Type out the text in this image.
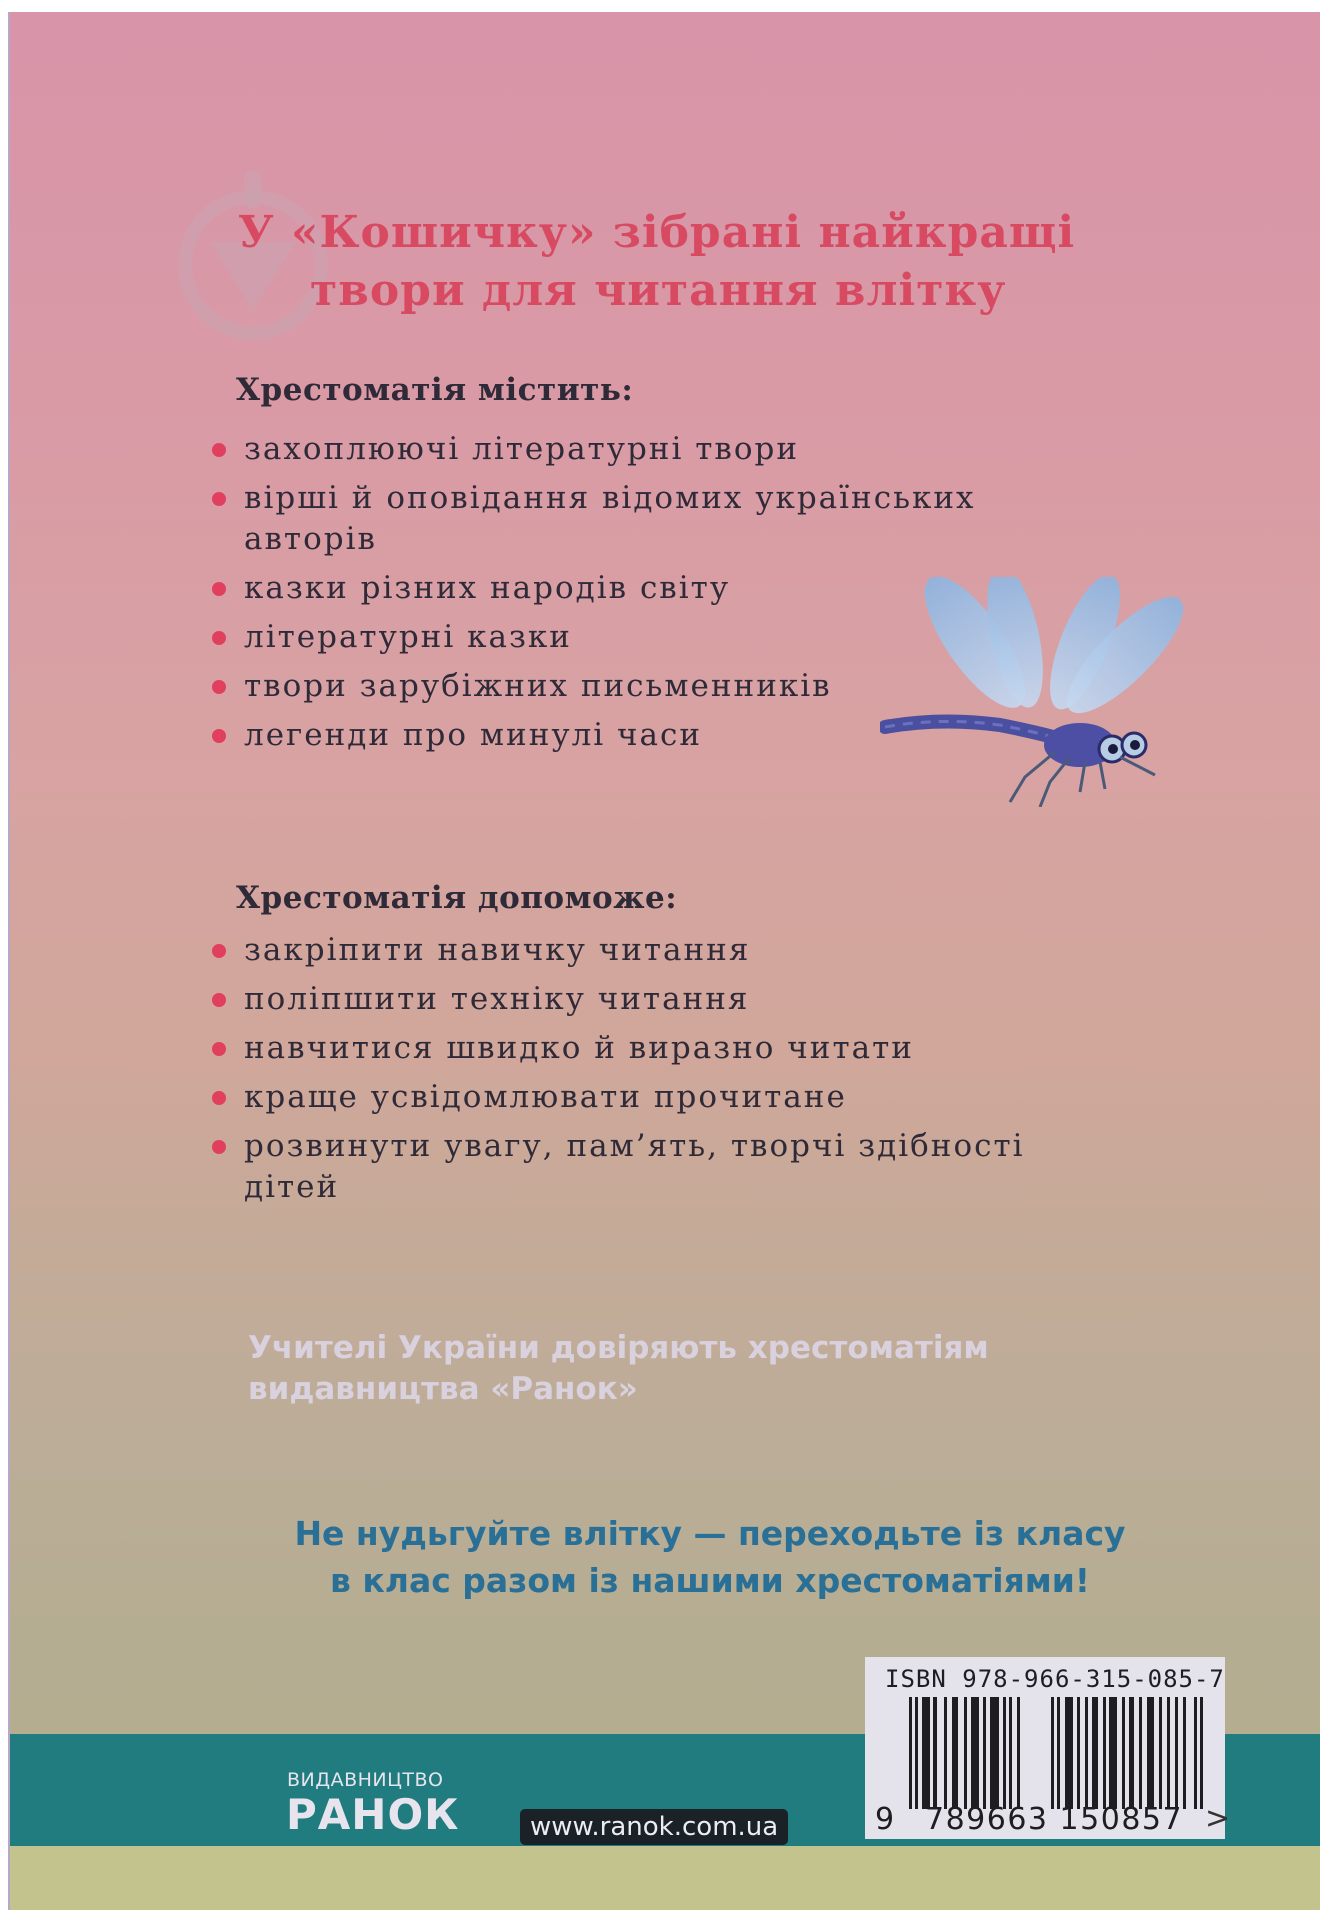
У «Кошичку» зібрані найкращі
твори для читання влітку
Хрестоматія містить:
захоплюючі літературні твори
вірші й оповідання відомих українських
авторів
казки різних народів світу
літературні казки
твори зарубіжних письменників
легенди про минулі часи
Хрестоматія допоможе:
закріпити навичку читання
поліпшити техніку читання
навчитися швидко й виразно читати
краще усвідомлювати прочитане
розвинути увагу, пам’ять, творчі здібності
дітей
Учителі України довіряють хрестоматіям
видавництва «Ранок»
Не нудьгуйте влітку — переходьте із класу
в клас разом із нашими хрестоматіями!
ВИДАВНИЦТВО
РАНОК	www.ranok.com.ua
ISBN 978-966-315-085-7
9 789663 150857 >
